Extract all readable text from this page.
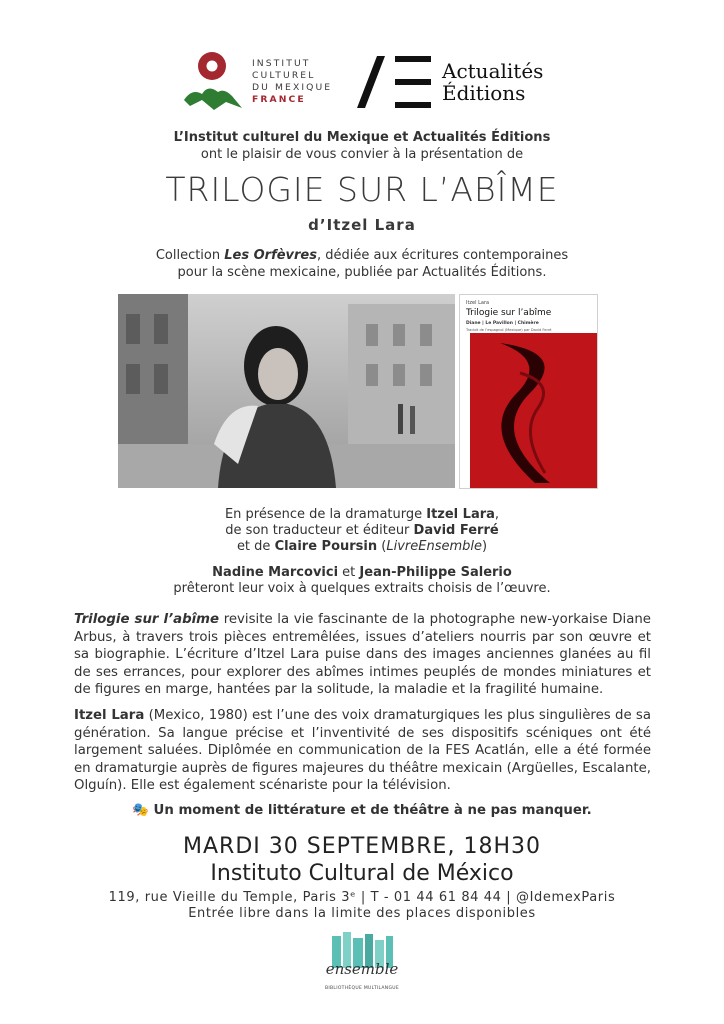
INSTITUT
CULTUREL
DU MEXIQUE
FRANCE
Actualités
Éditions
L’Institut culturel du Mexique et Actualités Éditions
ont le plaisir de vous convier à la présentation de
TRILOGIE SUR L’ABÎME
d’Itzel Lara
Collection Les Orfèvres, dédiée aux écritures contemporaines
pour la scène mexicaine, publiée par Actualités Éditions.
Itzel Lara
Trilogie sur l’abîme
Diane | Le Pavillon | Chimère
Traduit de l’espagnol (Mexique) par David Ferré
En présence de la dramaturge Itzel Lara,
de son traducteur et éditeur David Ferré
et de Claire Poursin (LivreEnsemble)
Nadine Marcovici et Jean-Philippe Salerio
prêteront leur voix à quelques extraits choisis de l’œuvre.
Trilogie sur l’abîme revisite la vie fascinante de la photographe new-yorkaise Diane Arbus, à travers trois pièces entremêlées, issues d’ateliers nourris par son œuvre et sa biographie. L’écriture d’Itzel Lara puise dans des images anciennes glanées au fil de ses errances, pour explorer des abîmes intimes peuplés de mondes miniatures et de figures en marge, hantées par la solitude, la maladie et la fragilité humaine.
Itzel Lara (Mexico, 1980) est l’une des voix dramaturgiques les plus singulières de sa génération. Sa langue précise et l’inventivité de ses dispositifs scéniques ont été largement saluées. Diplômée en communication de la FES Acatlán, elle a été formée en dramaturgie auprès de figures majeures du théâtre mexicain (Argüelles, Escalante, Olguín). Elle est également scénariste pour la télévision.
🎭 Un moment de littérature et de théâtre à ne pas manquer.
MARDI 30 SEPTEMBRE, 18H30
Instituto Cultural de México
119, rue Vieille du Temple, Paris 3ᵉ | T - 01 44 61 84 44 | @IdemexParis
Entrée libre dans la limite des places disponibles
ensemble
BIBLIOTHÈQUE MULTILANGUE
